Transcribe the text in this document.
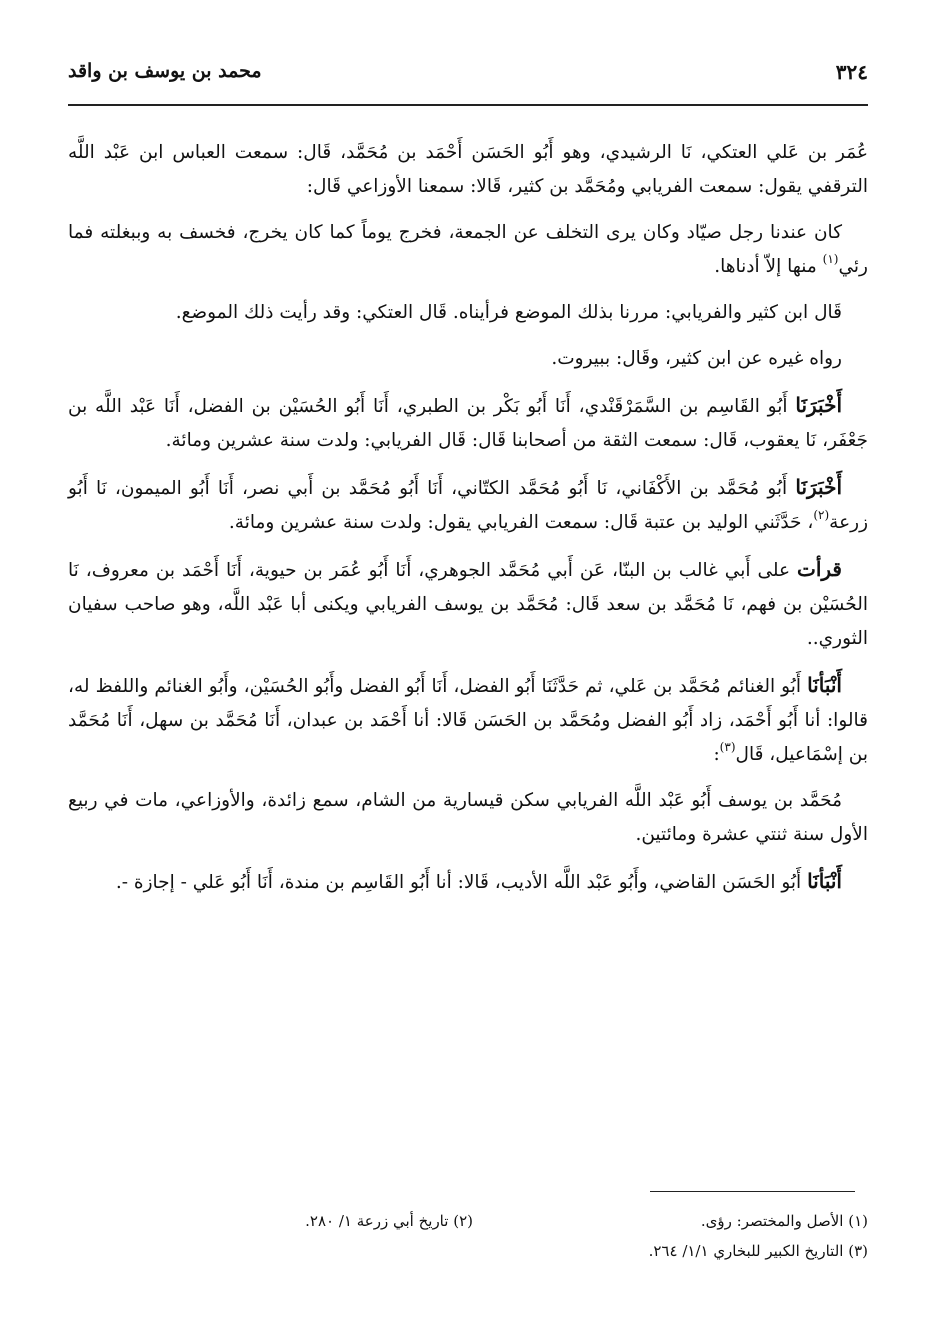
٣٢٤
محمد بن يوسف بن واقد

عُمَر بن عَلي العتكي، نَا الرشيدي، وهو أَبُو الحَسَن أَحْمَد بن مُحَمَّد، قَال: سمعت العباس ابن عَبْد اللَّه الترقفي يقول: سمعت الفريابي ومُحَمَّد بن كثير، قَالا: سمعنا الأوزاعي قَال:

كان عندنا رجل صيّاد وكان يرى التخلف عن الجمعة، فخرج يوماً كما كان يخرج، فخسف به وببغلته فما رئي$^{(١)}$ منها إلاّ أدناها.

قَال ابن كثير والفريابي: مررنا بذلك الموضع فرأيناه. قَال العتكي: وقد رأيت ذلك الموضع.

رواه غيره عن ابن كثير، وقَال: ببيروت.

أَخْبَرَنَا أَبُو القَاسِم بن السَّمَرْقَنْدي، أَنَا أَبُو بَكْر بن الطبري، أَنَا أَبُو الحُسَيْن بن الفضل، أَنَا عَبْد اللَّه بن جَعْفَر، نَا يعقوب، قَال: سمعت الثقة من أصحابنا قَال: قَال الفريابي: ولدت سنة عشرين ومائة.

أَخْبَرَنَا أَبُو مُحَمَّد بن الأَكْفَاني، نَا أَبُو مُحَمَّد الكتّاني، أَنَا أَبُو مُحَمَّد بن أَبي نصر، أَنَا أَبُو الميمون، نَا أَبُو زرعة$^{(٢)}$، حَدَّثَني الوليد بن عتبة قَال: سمعت الفريابي يقول: ولدت سنة عشرين ومائة.

قرأت على أَبي غالب بن البنّا، عَن أَبي مُحَمَّد الجوهري، أَنَا أَبُو عُمَر بن حيوية، أَنَا أَحْمَد بن معروف، نَا الحُسَيْن بن فهم، نَا مُحَمَّد بن سعد قَال: مُحَمَّد بن يوسف الفريابي ويكنى أبا عَبْد اللَّه، وهو صاحب سفيان الثوري..

أَنْبَأنَا أَبُو الغنائم مُحَمَّد بن عَلي، ثم حَدَّثَنَا أَبُو الفضل، أَنَا أَبُو الفضل وأَبُو الحُسَيْن، وأَبُو الغنائم واللفظ له، قالوا: أنا أَبُو أَحْمَد، زاد أَبُو الفضل ومُحَمَّد بن الحَسَن قَالا: أنا أَحْمَد بن عبدان، أَنَا مُحَمَّد بن سهل، أَنَا مُحَمَّد بن إسْمَاعيل، قَال$^{(٣)}$:

مُحَمَّد بن يوسف أَبُو عَبْد اللَّه الفريابي سكن قيسارية من الشام، سمع زائدة، والأوزاعي، مات في ربيع الأول سنة ثنتي عشرة ومائتين.

أَنْبَأنَا أَبُو الحَسَن القاضي، وأَبُو عَبْد اللَّه الأديب، قَالا: أنا أَبُو القَاسِم بن مندة، أَنَا أَبُو عَلي - إجازة -.

(١) الأصل والمختصر: رؤى.
(٢) تاريخ أبي زرعة ١/ ٢٨٠.
(٣) التاريخ الكبير للبخاري ١/١/ ٢٦٤.
